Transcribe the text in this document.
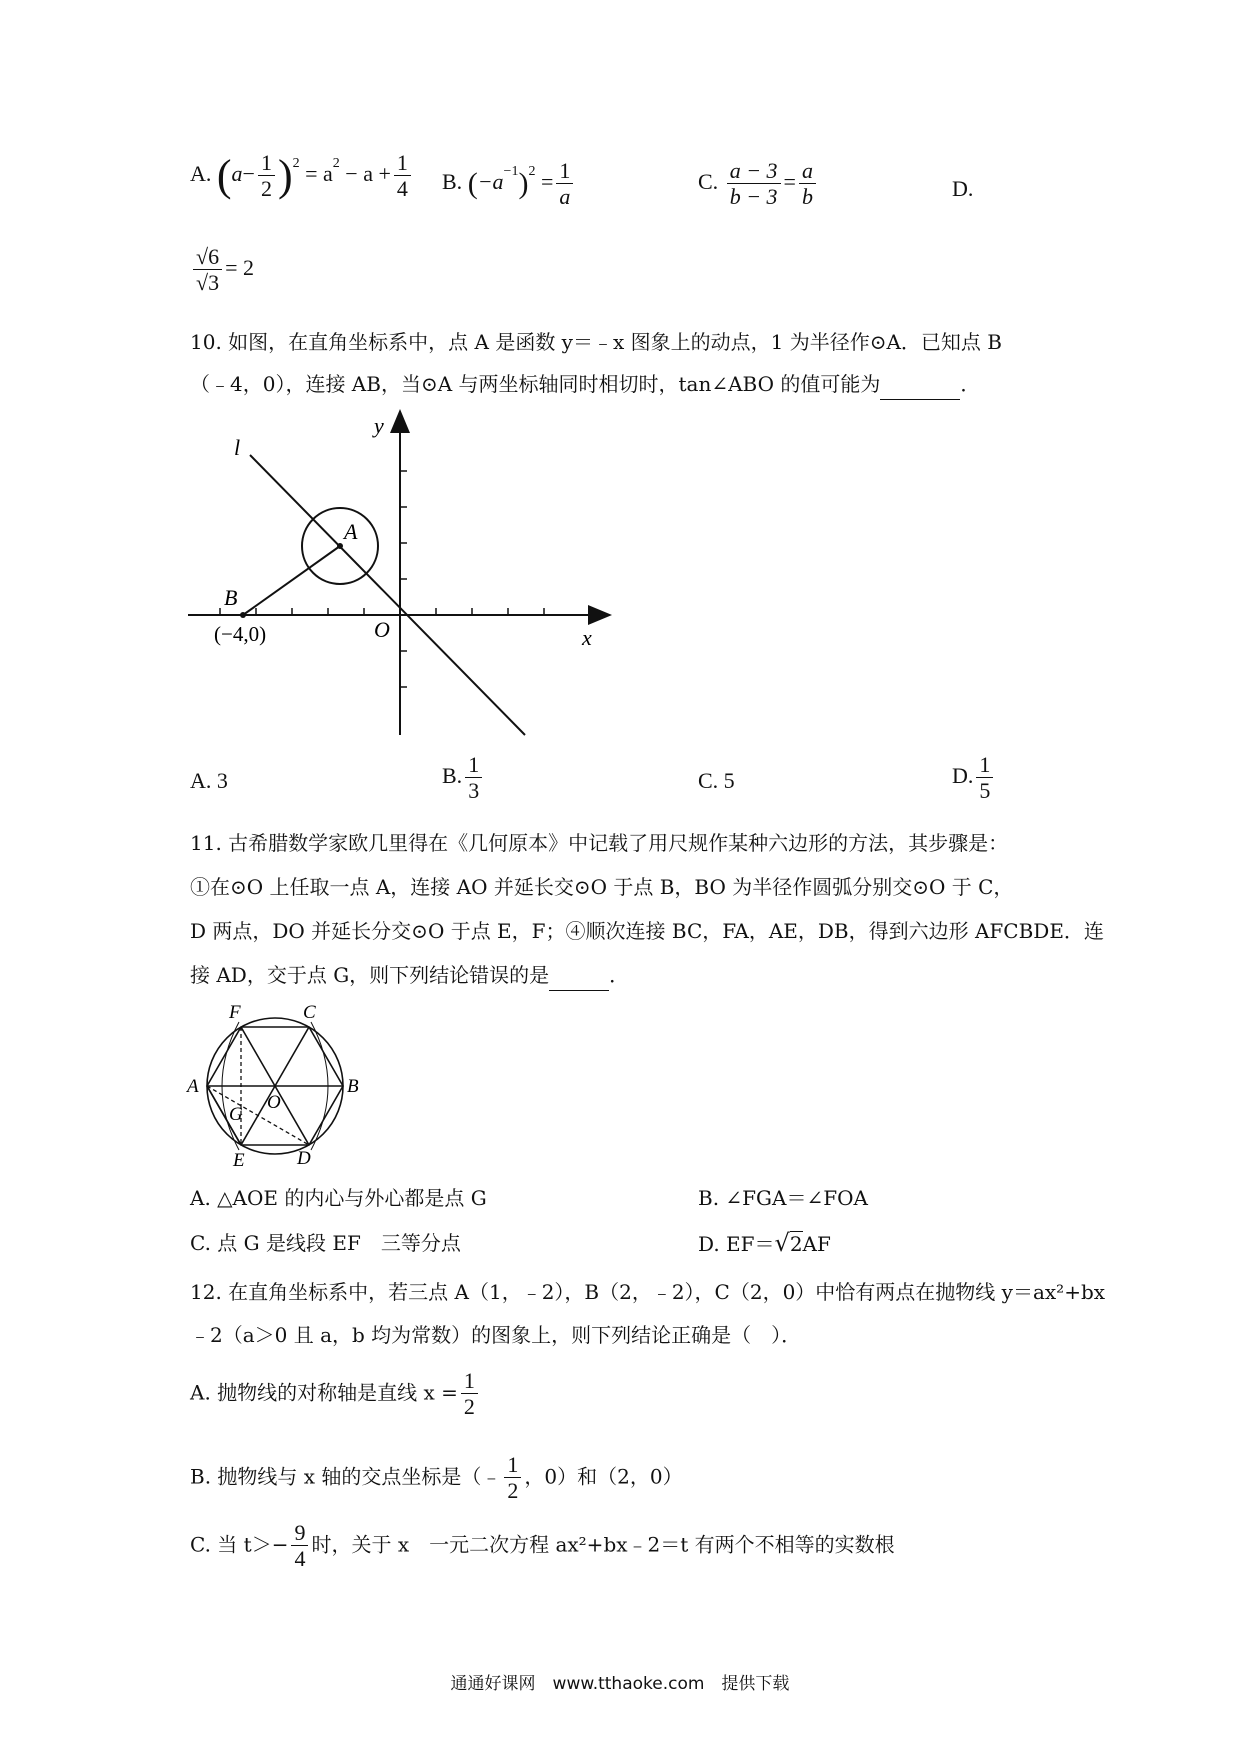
A. $(a- \frac{1}{2} )^2 = a^2 - a + \frac{1}{4} B$. $(-a^{-1})^2 = \frac{1}{a}$	C. $\frac{a - 3}{b - 3} = \frac{a}{b}$	D.
$\frac{√6}{√3} = 2$
10. 如图，在直角坐标系中，点 A 是函数 y＝﹣x 图象上的动点，1 为半径作⊙A．已知点 B
（﹣4，0），连接 AB，当⊙A 与两坐标轴同时相切时，tan∠ABO 的值可能为	．
l
y
A
B
O
(−4,0)	x
A. 3	B. $\frac{1}{3}$	C. 5	D. $\frac{1}{5}$
11. 古希腊数学家欧几里得在《几何原本》中记载了用尺规作某种六边形的方法，其步骤是：
①在⊙O 上任取一点 A，连接 AO 并延长交⊙O 于点 B，BO 为半径作圆弧分别交⊙O 于 C，
D 两点，DO 并延长分交⊙O 于点 E，F；④顺次连接 BC，FA，AE，DB，得到六边形 AFCBDE．连
接 AD，交于点 G，则下列结论错误的是	．
F	C
A	B
O
G
E	D
A. △AOE 的内心与外心都是点 G	B. ∠FGA＝∠FOA
C. 点 G 是线段 EF　三等分点	D. EF＝√2AF
12. 在直角坐标系中，若三点 A（1，﹣2），B（2，﹣2），C（2，0）中恰有两点在抛物线 y＝ax²+bx
﹣2（a＞0 且 a，b 均为常数）的图象上，则下列结论正确是（　）．
A. 抛物线的对称轴是直线 $x = \frac{1}{2}$
B. 抛物线与 x 轴的交点坐标是（﹣ $\frac{1}{2}$ ，0）和（2，0）
C. 当 $t>- \frac{9}{4}$ 时，关于 x　一元二次方程 ax²+bx﹣2＝t 有两个不相等的实数根
通通好课网　www.tthaoke.com　提供下载
